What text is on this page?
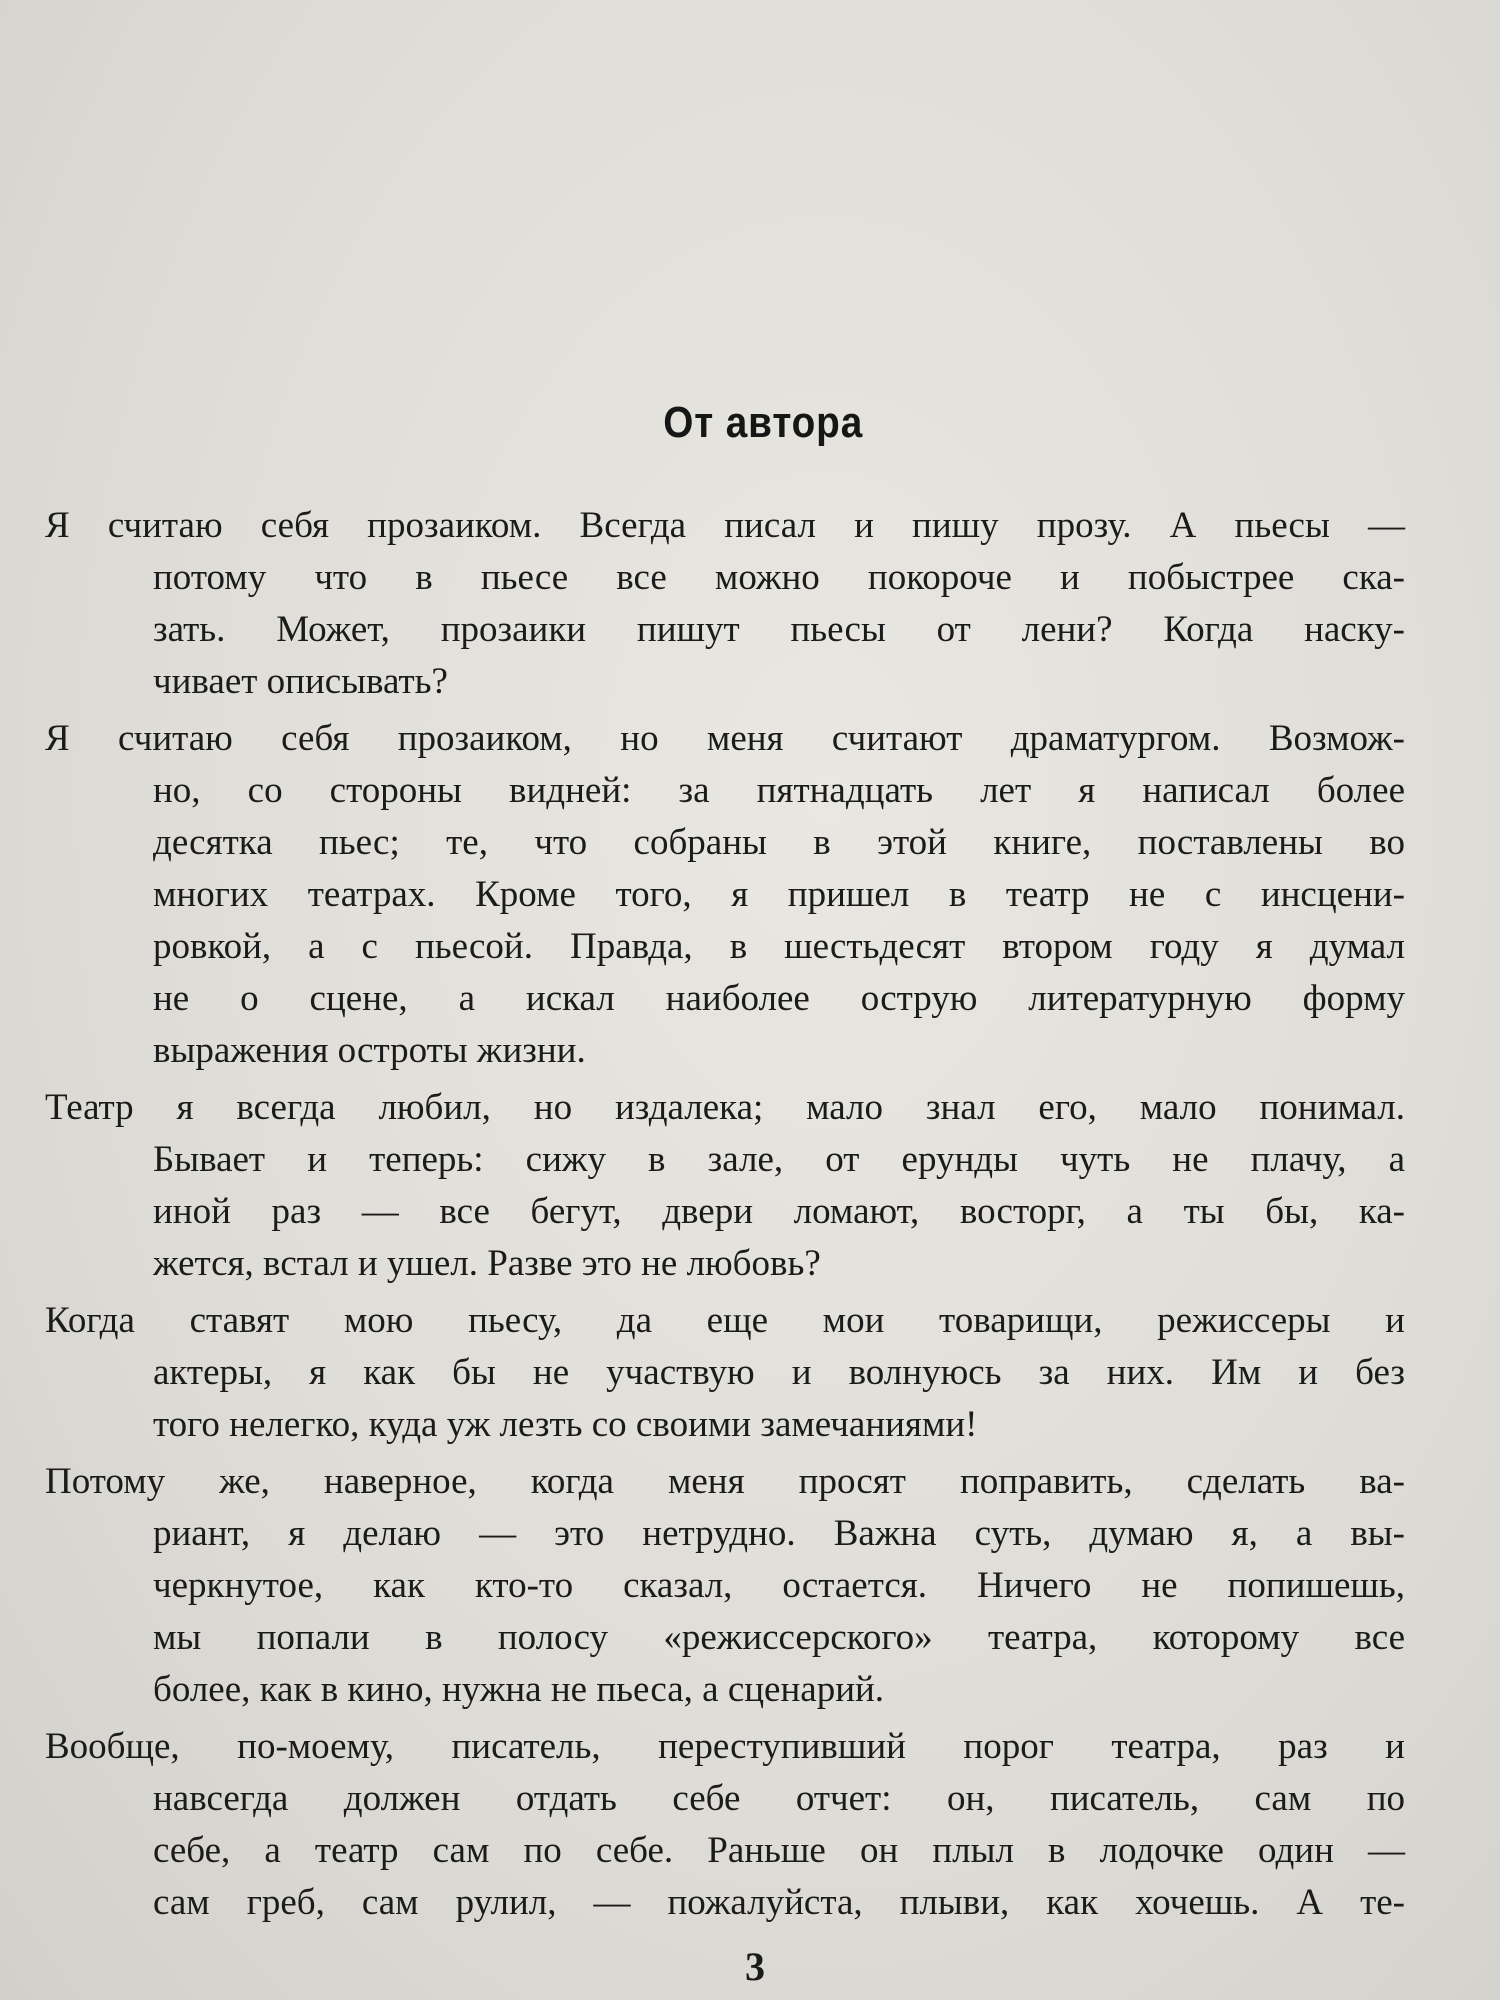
От автора
Я считаю себя прозаиком. Всегда писал и пишу прозу. А пьесы —
потому что в пьесе все можно покороче и побыстрее ска-
зать. Может, прозаики пишут пьесы от лени? Когда наску-
чивает описывать?
Я считаю себя прозаиком, но меня считают драматургом. Возмож-
но, со стороны видней: за пятнадцать лет я написал более
десятка пьес; те, что собраны в этой книге, поставлены во
многих театрах. Кроме того, я пришел в театр не с инсцени-
ровкой, а с пьесой. Правда, в шестьдесят втором году я думал
не о сцене, а искал наиболее острую литературную форму
выражения остроты жизни.
Театр я всегда любил, но издалека; мало знал его, мало понимал.
Бывает и теперь: сижу в зале, от ерунды чуть не плачу, а
иной раз — все бегут, двери ломают, восторг, а ты бы, ка-
жется, встал и ушел. Разве это не любовь?
Когда ставят мою пьесу, да еще мои товарищи, режиссеры и
актеры, я как бы не участвую и волнуюсь за них. Им и без
того нелегко, куда уж лезть со своими замечаниями!
Потому же, наверное, когда меня просят поправить, сделать ва-
риант, я делаю — это нетрудно. Важна суть, думаю я, а вы-
черкнутое, как кто-то сказал, остается. Ничего не попишешь,
мы попали в полосу «режиссерского» театра, которому все
более, как в кино, нужна не пьеса, а сценарий.
Вообще, по-моему, писатель, переступивший порог театра, раз и
навсегда должен отдать себе отчет: он, писатель, сам по
себе, а театр сам по себе. Раньше он плыл в лодочке один —
сам греб, сам рулил, — пожалуйста, плыви, как хочешь. А те-
3
